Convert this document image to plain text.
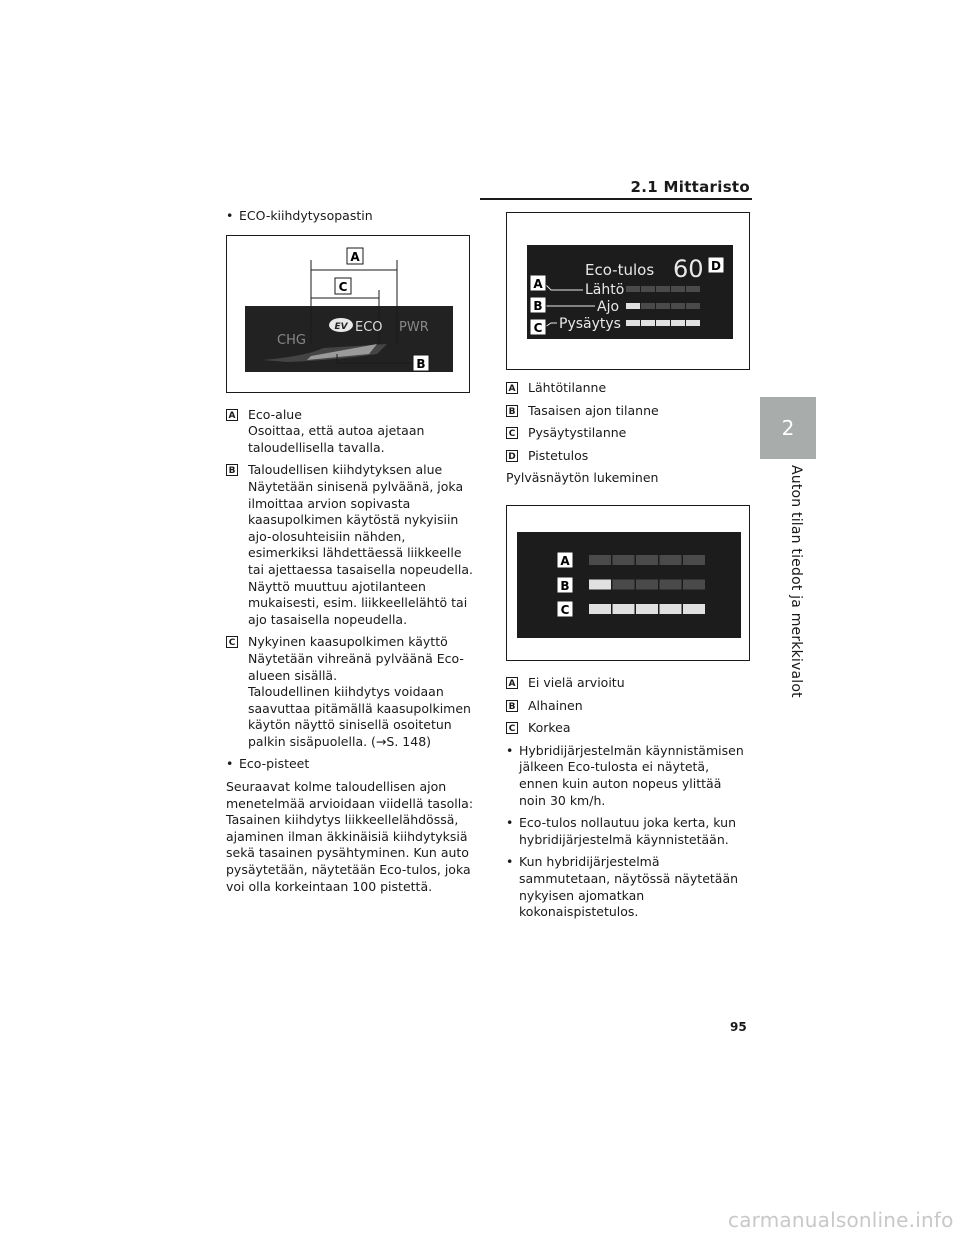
2.1 Mittaristo
2
Auton tilan tiedot ja merkkivalot

• ECO-kiihdytysopastin

A
C
CHG
EV ECO PWR
B
A Eco-alue

Osoittaa, että autoa ajetaan taloudellisella tavalla.

B Taloudellisen kiihdytyksen alue

Näytetään sinisenä pylväänä, joka ilmoittaa arvion sopivasta kaasupolkimen käytöstä nykyisiin ajo-olosuhteisiin nähden, esimerkiksi lähdettäessä liikkeelle tai ajettaessa tasaisella nopeudella.

Näyttö muuttuu ajotilanteen mukaisesti, esim. liikkeellelähtö tai ajo tasaisella nopeudella.

C Nykyinen kaasupolkimen käyttö

Näytetään vihreänä pylväänä Eco-alueen sisällä.

Taloudellinen kiihdytys voidaan saavuttaa pitämällä kaasupolkimen käytön näyttö sinisellä osoitetun palkin sisäpuolella. (→S. 148)

• Eco-pisteet

Seuraavat kolme taloudellisen ajon menetelmää arvioidaan viidellä tasolla: Tasainen kiihdytys liikkeellelähdössä, ajaminen ilman äkkinäisiä kiihdytyksiä sekä tasainen pysähtyminen. Kun auto pysäytetään, näytetään Eco-tulos, joka voi olla korkeintaan 100 pistettä.

Eco-tulos 60 D
Lähtö
Ajo
Pysäytys
A
B
C
A Lähtötilanne

B Tasaisen ajon tilanne

C Pysäytystilanne

D Pistetulos

Pylväsnäytön lukeminen

A
B
C
A Ei vielä arvioitu

B Alhainen

C Korkea

• Hybridijärjestelmän käynnistämisen jälkeen Eco-tulosta ei näytetä, ennen kuin auton nopeus ylittää noin 30 km/h.

• Eco-tulos nollautuu joka kerta, kun hybridijärjestelmä käynnistetään.

• Kun hybridijärjestelmä sammutetaan, näytössä näytetään nykyisen ajomatkan kokonaispistetulos.

95
carmanualsonline.info
